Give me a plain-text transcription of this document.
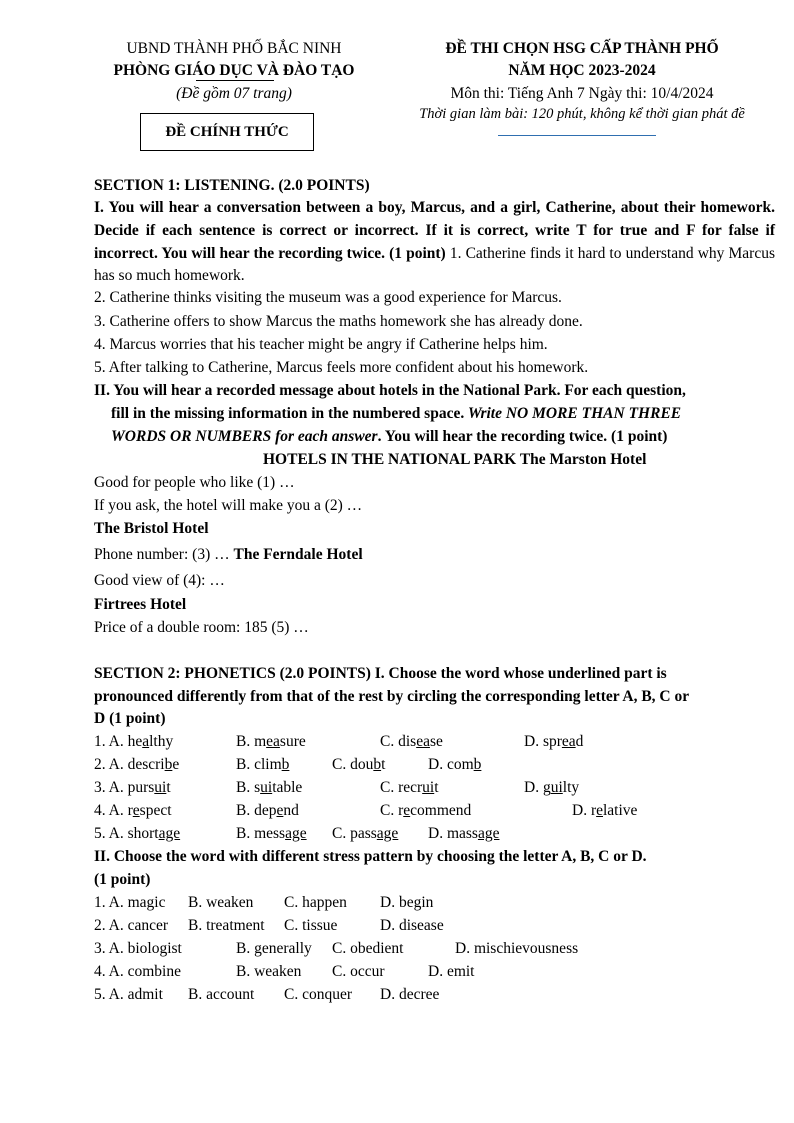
UBND THÀNH PHỐ BẮC NINH
PHÒNG GIÁO DỤC VÀ ĐÀO TẠO
(Đề gồm 07 trang)
ĐỀ CHÍNH THỨC
ĐỀ THI CHỌN HSG CẤP THÀNH PHỐ
NĂM HỌC 2023-2024
Môn thi: Tiếng Anh 7 Ngày thi: 10/4/2024
Thời gian làm bài: 120 phút, không kể thời gian phát đề
SECTION 1: LISTENING. (2.0 POINTS)
I. You will hear a conversation between a boy, Marcus, and a girl, Catherine, about their homework. Decide if each sentence is correct or incorrect. If it is correct, write T for true and F for false if incorrect. You will hear the recording twice. (1 point) 1. Catherine finds it hard to understand why Marcus has so much homework.
2. Catherine thinks visiting the museum was a good experience for Marcus.
3. Catherine offers to show Marcus the maths homework she has already done.
4. Marcus worries that his teacher might be angry if Catherine helps him.
5. After talking to Catherine, Marcus feels more confident about his homework.
II. You will hear a recorded message about hotels in the National Park. For each question,
fill in the missing information in the numbered space. Write NO MORE THAN THREE
WORDS OR NUMBERS for each answer. You will hear the recording twice. (1 point)
HOTELS IN THE NATIONAL PARK The Marston Hotel
Good for people who like (1) …
If you ask, the hotel will make you a (2) …
The Bristol Hotel
Phone number: (3) … The Ferndale Hotel
Good view of (4): …
Firtrees Hotel
Price of a double room: 185 (5) …
SECTION 2: PHONETICS (2.0 POINTS) I. Choose the word whose underlined part is
pronounced differently from that of the rest by circling the corresponding letter A, B, C or
D (1 point)
1. A. healthy	B. measure	C. disease	D. spread
2. A. describe	B. climb	C. doubt	D. comb
3. A. pursuit	B. suitable	C. recruit	D. guilty
4. A. respect	B. depend	C. recommend	D. relative
5. A. shortage	B. message C. passage D. massage
II. Choose the word with different stress pattern by choosing the letter A, B, C or D.
(1 point)
1. A. magic B. weaken C. happen D. begin
2. A. cancer B. treatment C. tissue	D. disease
3. A. biologist	B. generally C. obedient	D. mischievousness
4. A. combine	B. weaken C. occur	D. emit
5. A. admit B. account C. conquer D. decree
